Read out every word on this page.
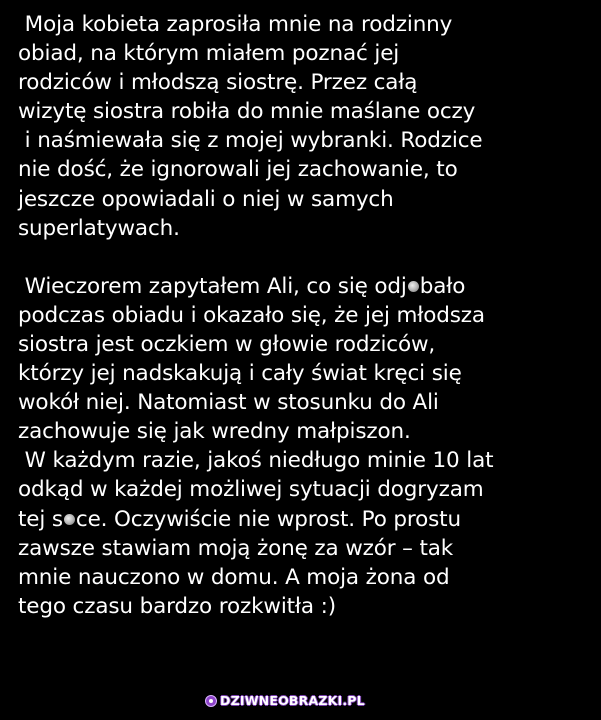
Moja kobieta zaprosiła mnie na rodzinny
obiad, na którym miałem poznać jej
rodziców i młodszą siostrę. Przez całą
wizytę siostra robiła do mnie maślane oczy
i naśmiewała się z mojej wybranki. Rodzice
nie dość, że ignorowali jej zachowanie, to
jeszcze opowiadali o niej w samych
superlatywach.

Wieczorem zapytałem Ali, co się odj bało
podczas obiadu i okazało się, że jej młodsza
siostra jest oczkiem w głowie rodziców,
którzy jej nadskakują i cały świat kręci się
wokół niej. Natomiast w stosunku do Ali
zachowuje się jak wredny małpiszon.
W każdym razie, jakoś niedługo minie 10 lat
odkąd w każdej możliwej sytuacji dogryzam
tej s ce. Oczywiście nie wprost. Po prostu
zawsze stawiam moją żonę za wzór – tak
mnie nauczono w domu. A moja żona od
tego czasu bardzo rozkwitła :)

DZIWNEOBRAZKI.PL
